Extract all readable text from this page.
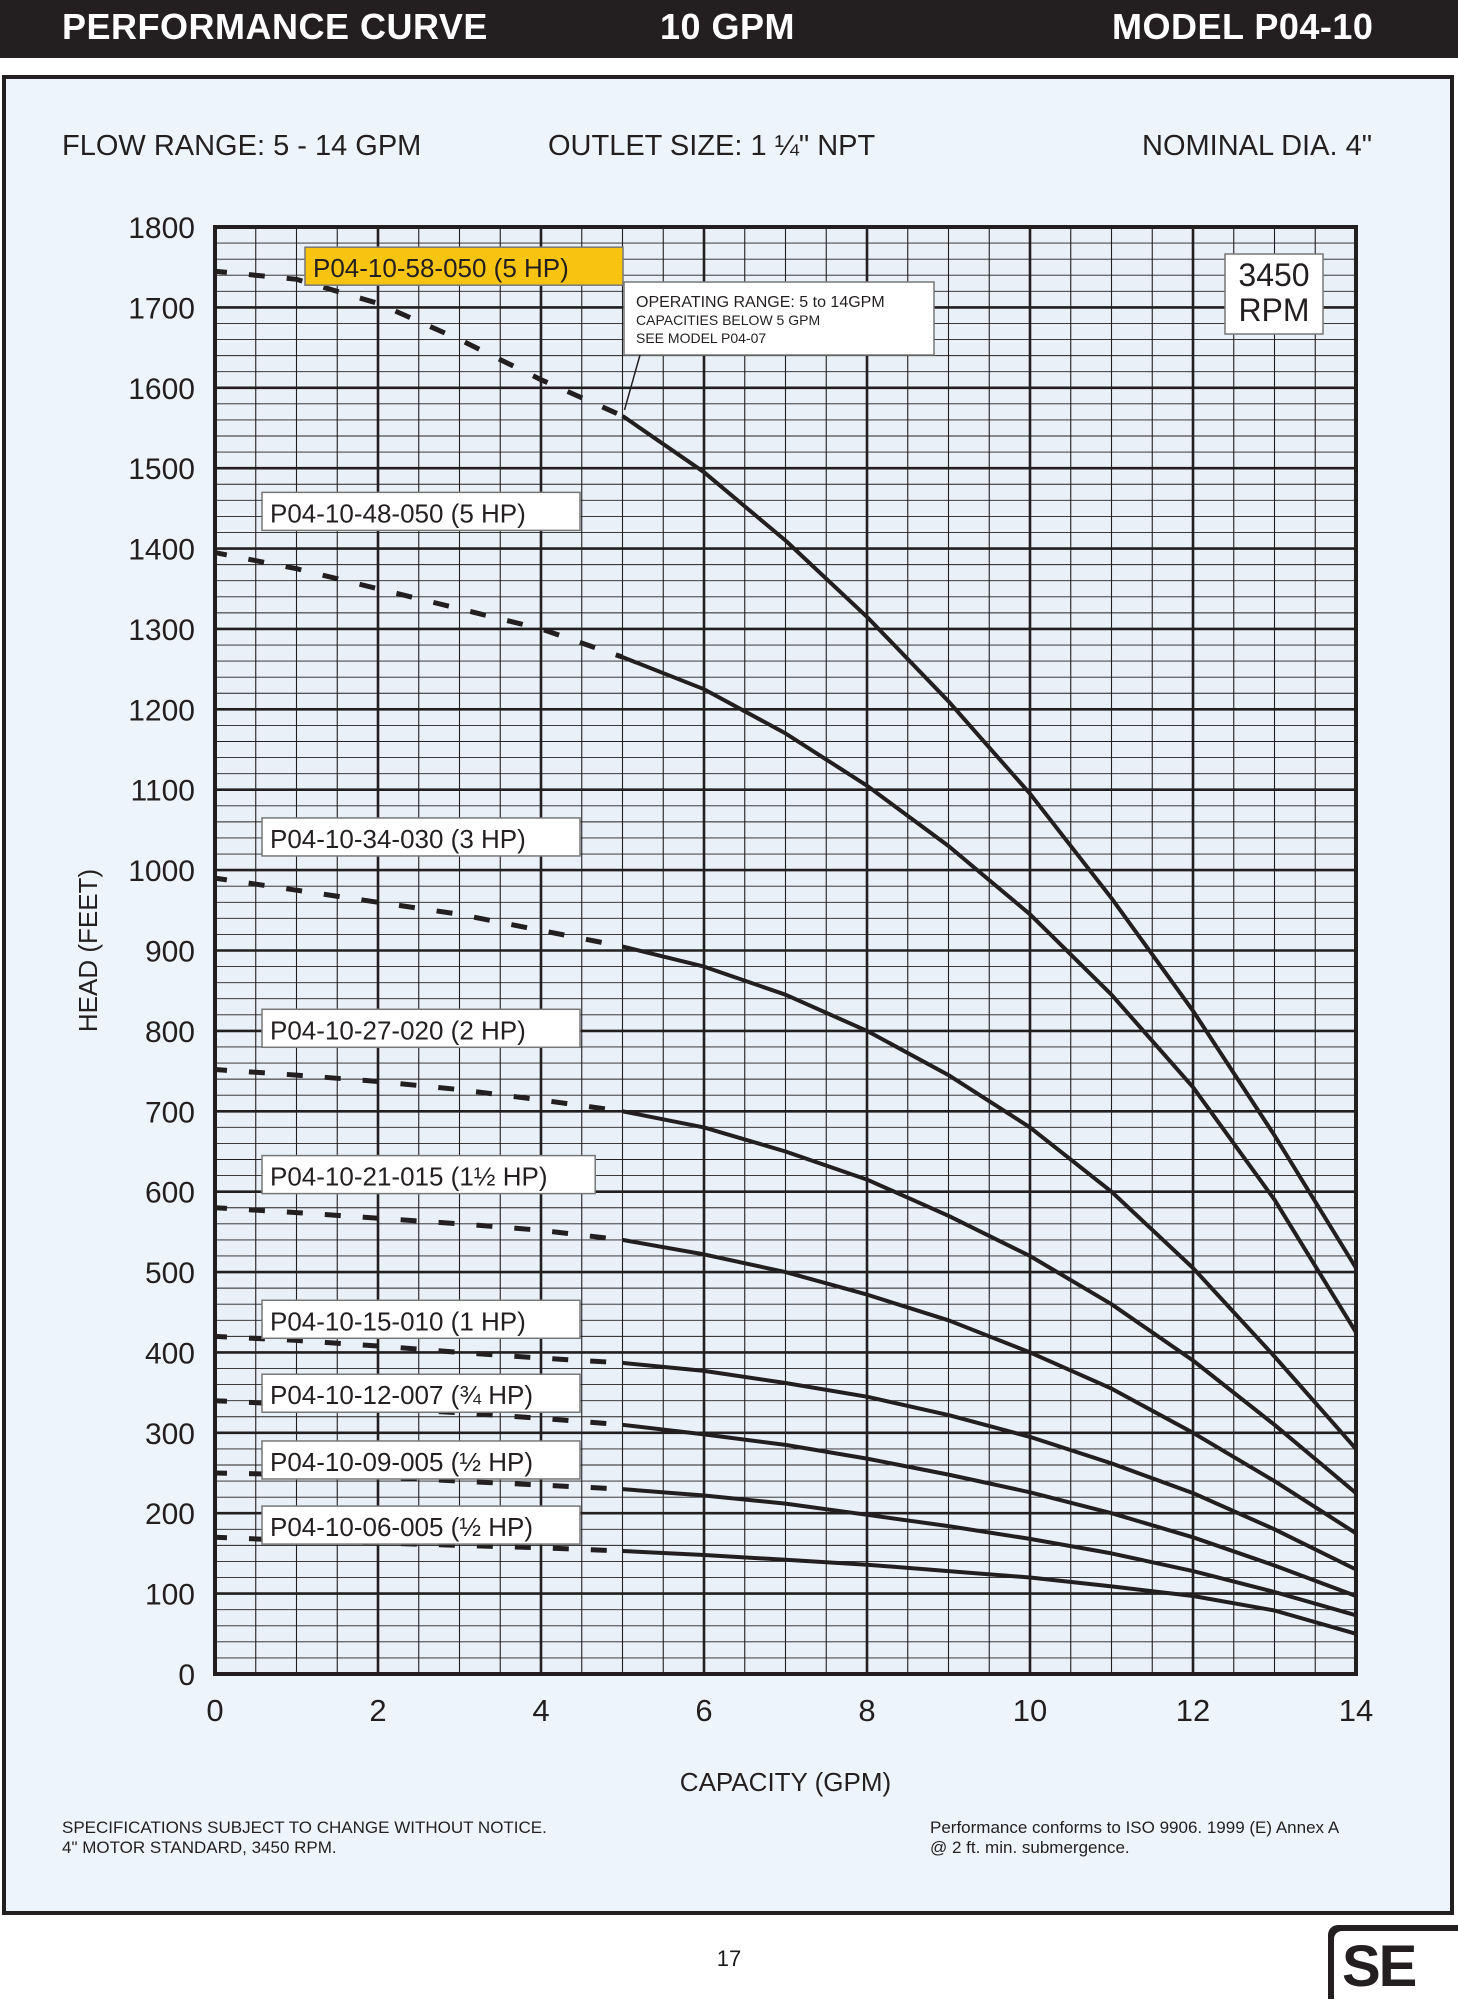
PERFORMANCE CURVE	10 GPM	MODEL P04-10
FLOW RANGE: 5 - 14 GPM	OUTLET SIZE: 1 ¼" NPT	NOMINAL DIA. 4"
0
100
200
300
400
500
600
700
800
900
1000
1100
1200
1300
1400
1500
1600
1700
1800
0	2	4	6	8	10	12	14
CAPACITY (GPM)
HEAD (FEET)
P04-10-58-050 (5 HP)
P04-10-48-050 (5 HP)
P04-10-34-030 (3 HP)
P04-10-27-020 (2 HP)
P04-10-21-015 (1½ HP)
P04-10-15-010 (1 HP)
P04-10-12-007 (¾ HP)
P04-10-09-005 (½ HP)
P04-10-06-005 (½ HP)
OPERATING RANGE: 5 to 14GPM
CAPACITIES BELOW 5 GPM
SEE MODEL P04-07
3450
RPM
SPECIFICATIONS SUBJECT TO CHANGE WITHOUT NOTICE.
4" MOTOR STANDARD, 3450 RPM.
Performance conforms to ISO 9906. 1999 (E) Annex A
@ 2 ft. min. submergence.
17	SE
